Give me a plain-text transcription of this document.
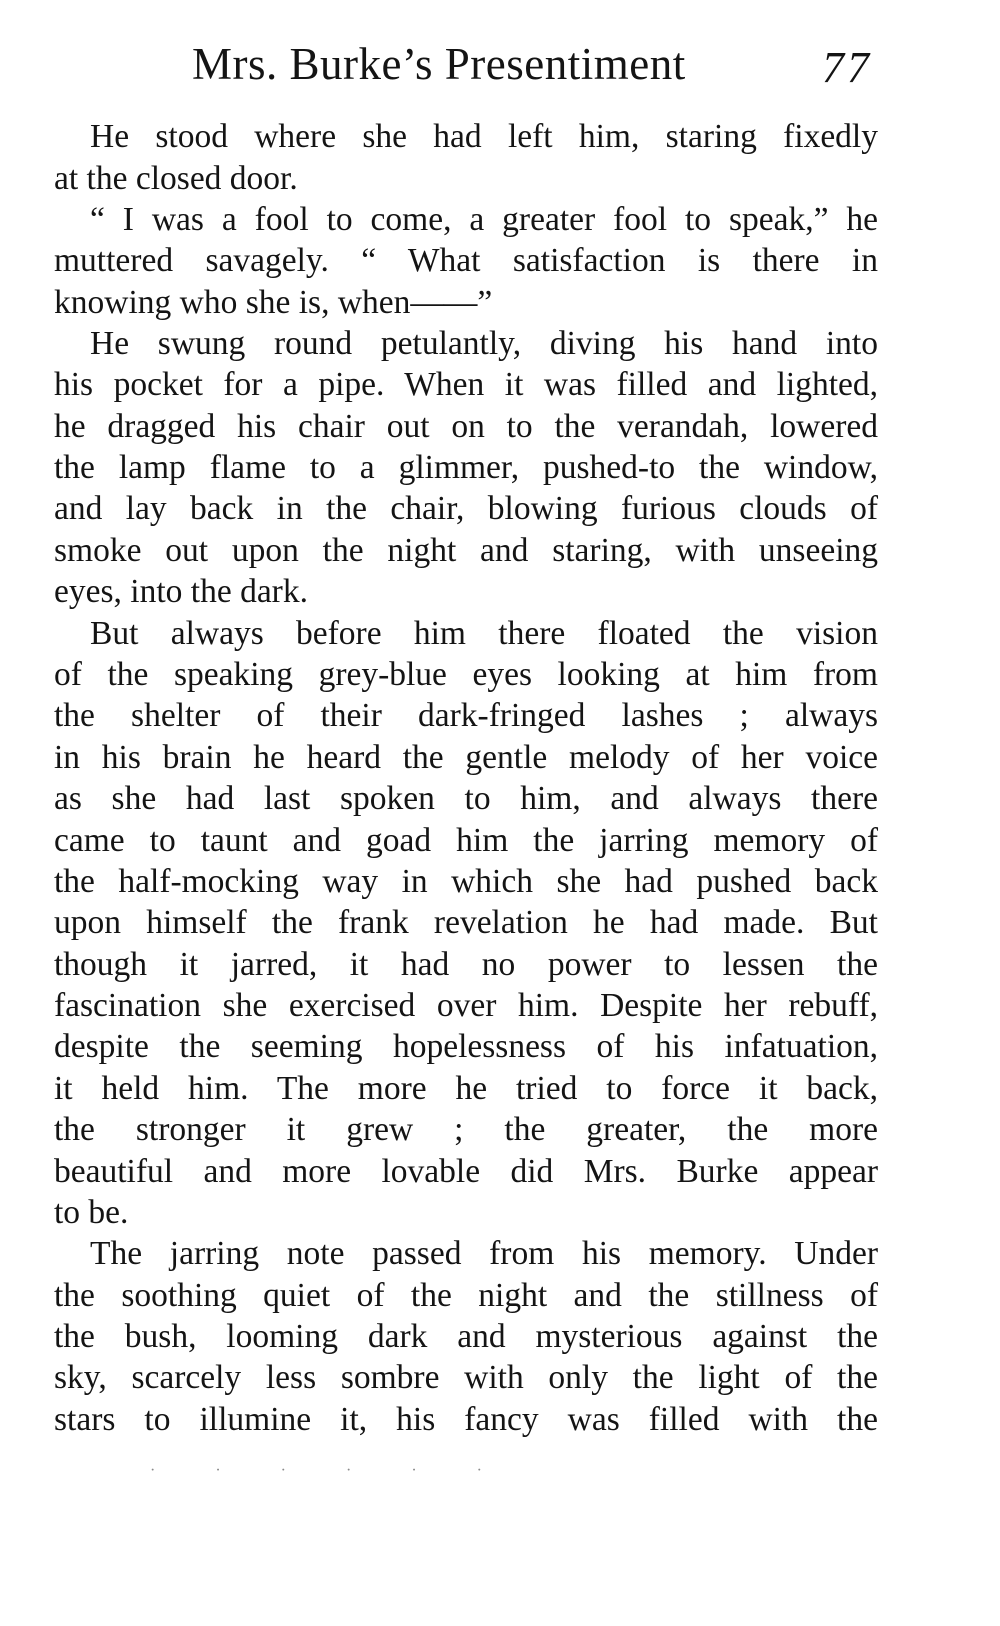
Mrs. Burke’s Presentiment	77
He stood where she had left him, staring fixedly
at the closed door.
“ I was a fool to come, a greater fool to speak,” he
muttered savagely. “ What satisfaction is there in
knowing who she is, when——”
He swung round petulantly, diving his hand into
his pocket for a pipe. When it was filled and lighted,
he dragged his chair out on to the verandah, lowered
the lamp flame to a glimmer, pushed-to the window,
and lay back in the chair, blowing furious clouds of
smoke out upon the night and staring, with unseeing
eyes, into the dark.
But always before him there floated the vision
of the speaking grey-blue eyes looking at him from
the shelter of their dark-fringed lashes ; always
in his brain he heard the gentle melody of her voice
as she had last spoken to him, and always there
came to taunt and goad him the jarring memory of
the half-mocking way in which she had pushed back
upon himself the frank revelation he had made. But
though it jarred, it had no power to lessen the
fascination she exercised over him. Despite her rebuff,
despite the seeming hopelessness of his infatuation,
it held him. The more he tried to force it back,
the stronger it grew ; the greater, the more
beautiful and more lovable did Mrs. Burke appear
to be.
The jarring note passed from his memory. Under
the soothing quiet of the night and the stillness of
the bush, looming dark and mysterious against the
sky, scarcely less sombre with only the light of the
stars to illumine it, his fancy was filled with the
· · · · · ·
